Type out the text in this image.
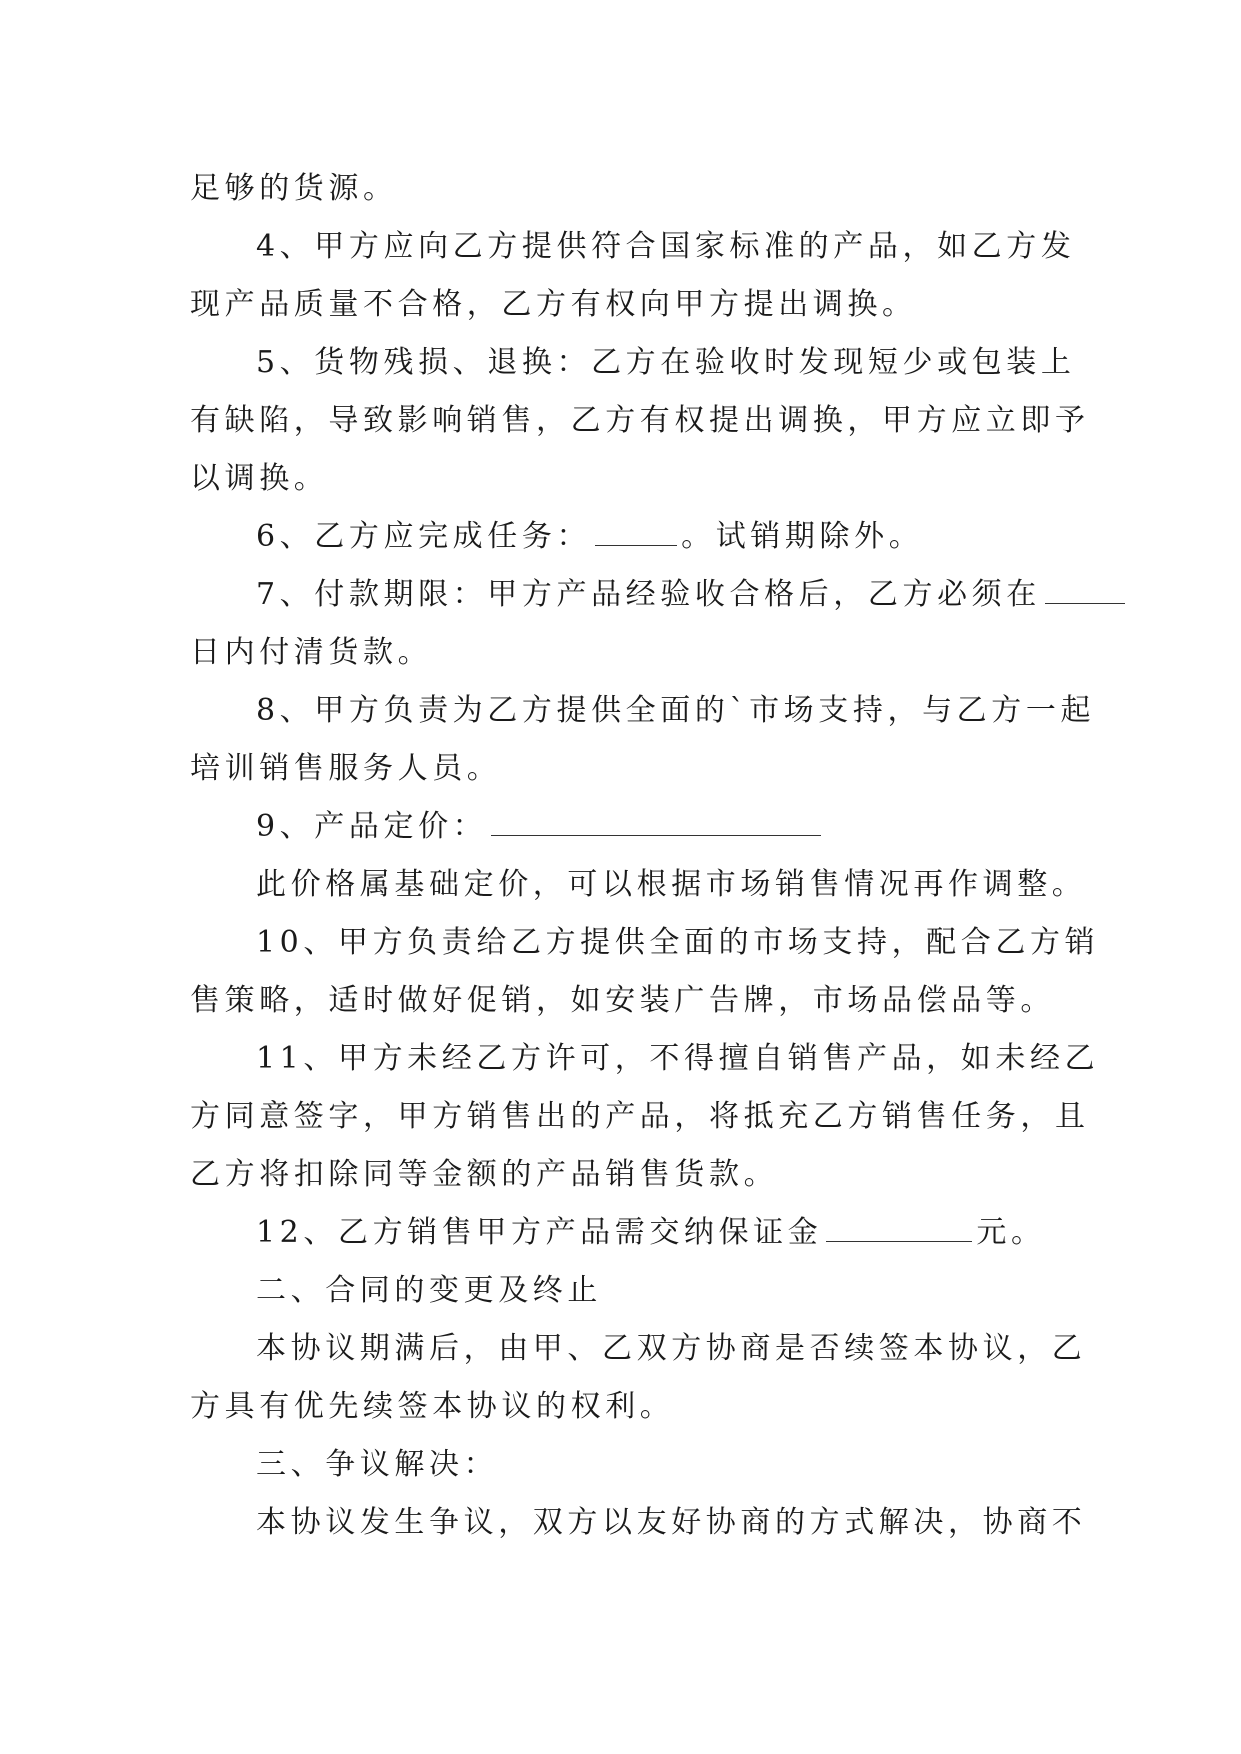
足够的货源。

4、甲方应向乙方提供符合国家标准的产品，如乙方发

现产品质量不合格，乙方有权向甲方提出调换。

5、货物残损、退换：乙方在验收时发现短少或包装上

有缺陷，导致影响销售，乙方有权提出调换，甲方应立即予

以调换。

6、乙方应完成任务：	。试销期除外。

7、付款期限：甲方产品经验收合格后，乙方必须在

日内付清货款。

8、甲方负责为乙方提供全面的`市场支持，与乙方一起

培训销售服务人员。

9、产品定价：

此价格属基础定价，可以根据市场销售情况再作调整。

10、甲方负责给乙方提供全面的市场支持，配合乙方销

售策略，适时做好促销，如安装广告牌，市场品偿品等。

11、甲方未经乙方许可，不得擅自销售产品，如未经乙

方同意签字，甲方销售出的产品，将抵充乙方销售任务，且

乙方将扣除同等金额的产品销售货款。

12、乙方销售甲方产品需交纳保证金	元。

二、合同的变更及终止

本协议期满后，由甲、乙双方协商是否续签本协议，乙

方具有优先续签本协议的权利。

三、争议解决：

本协议发生争议，双方以友好协商的方式解决，协商不
